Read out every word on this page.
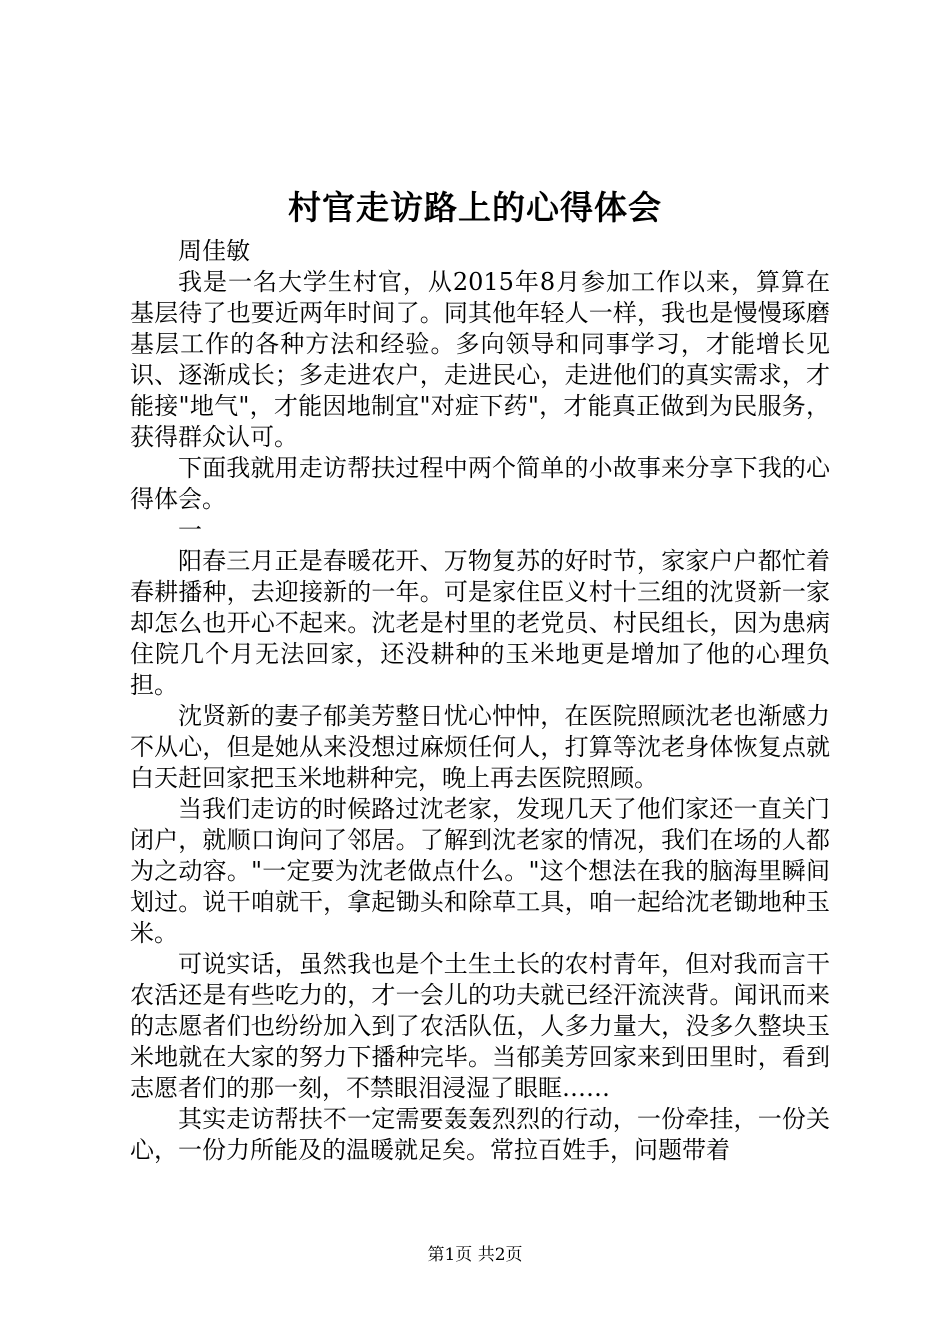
村官走访路上的心得体会

周佳敏

我是一名大学生村官，从2015年8月参加工作以来，算算在基层待了也要近两年时间了。同其他年轻人一样，我也是慢慢琢磨基层工作的各种方法和经验。多向领导和同事学习，才能增长见识、逐渐成长；多走进农户，走进民心，走进他们的真实需求，才能接"地气"，才能因地制宜"对症下药"，才能真正做到为民服务，获得群众认可。

下面我就用走访帮扶过程中两个简单的小故事来分享下我的心得体会。

一

阳春三月正是春暖花开、万物复苏的好时节，家家户户都忙着春耕播种，去迎接新的一年。可是家住臣义村十三组的沈贤新一家却怎么也开心不起来。沈老是村里的老党员、村民组长，因为患病住院几个月无法回家，还没耕种的玉米地更是增加了他的心理负担。

沈贤新的妻子郁美芳整日忧心忡忡，在医院照顾沈老也渐感力不从心，但是她从来没想过麻烦任何人，打算等沈老身体恢复点就白天赶回家把玉米地耕种完，晚上再去医院照顾。

当我们走访的时候路过沈老家，发现几天了他们家还一直关门闭户，就顺口询问了邻居。了解到沈老家的情况，我们在场的人都为之动容。"一定要为沈老做点什么。"这个想法在我的脑海里瞬间划过。说干咱就干，拿起锄头和除草工具，咱一起给沈老锄地种玉米。

可说实话，虽然我也是个土生土长的农村青年，但对我而言干农活还是有些吃力的，才一会儿的功夫就已经汗流浃背。闻讯而来的志愿者们也纷纷加入到了农活队伍，人多力量大，没多久整块玉米地就在大家的努力下播种完毕。当郁美芳回家来到田里时，看到志愿者们的那一刻，不禁眼泪浸湿了眼眶……

其实走访帮扶不一定需要轰轰烈烈的行动，一份牵挂，一份关心，一份力所能及的温暖就足矣。常拉百姓手，问题带着

第1页 共2页
